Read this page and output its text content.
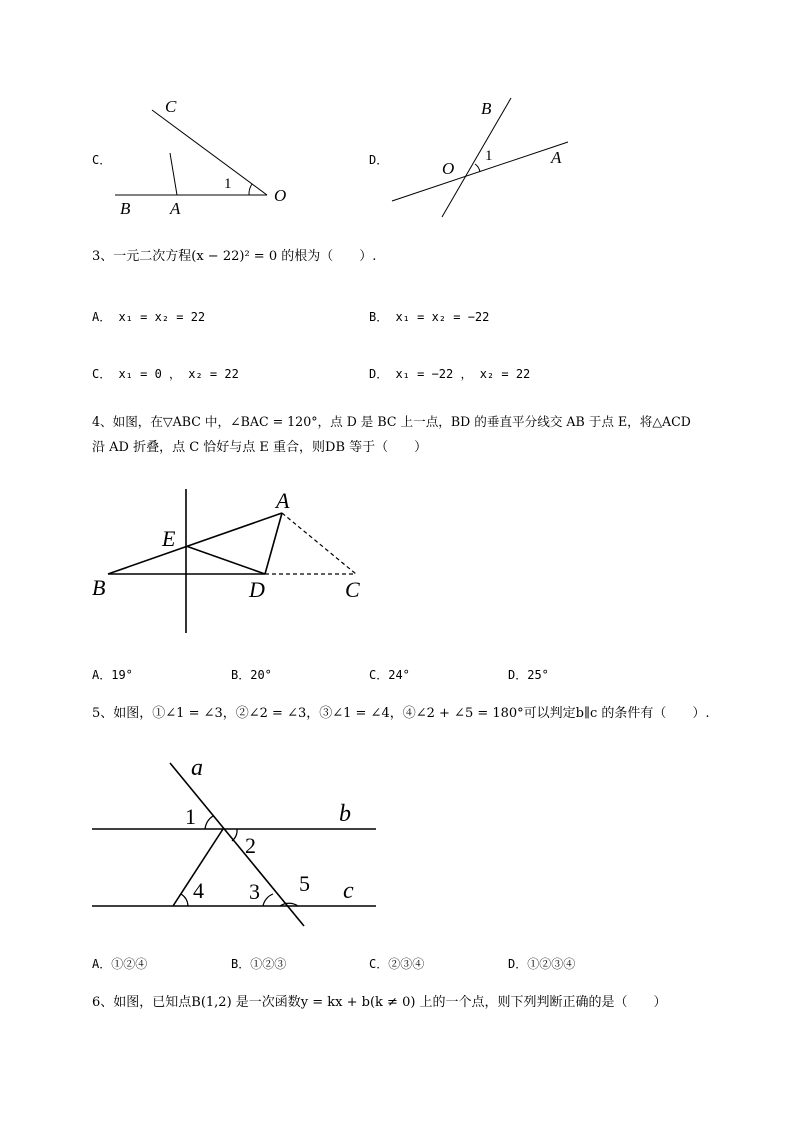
C．
C
B A
O
1
D．
B
O
1	A
3、一元二次方程(x − 22)² = 0 的根为（　　）.
A． x₁ = x₂ = 22	B． x₁ = x₂ = −22
C． x₁ = 0 ， x₂ = 22	D． x₁ = −22 ， x₂ = 22
4、如图，在▽ABC 中，∠BAC = 120°，点 D 是 BC 上一点，BD 的垂直平分线交 AB 于点 E，将△ACD
沿 AD 折叠，点 C 恰好与点 E 重合，则DB 等于（　　）
A
E
B	D	C
A．19°	B．20°	C．24°	D．25°
5、如图，①∠1 = ∠3，②∠2 = ∠3，③∠1 = ∠4，④∠2 + ∠5 = 180°可以判定b∥c 的条件有（　　）.
a
b
c
1
2
3
4	5
A．①②④	B．①②③	C．②③④	D．①②③④
6、如图，已知点B(1,2) 是一次函数y = kx + b(k ≠ 0) 上的一个点，则下列判断正确的是（　　）
